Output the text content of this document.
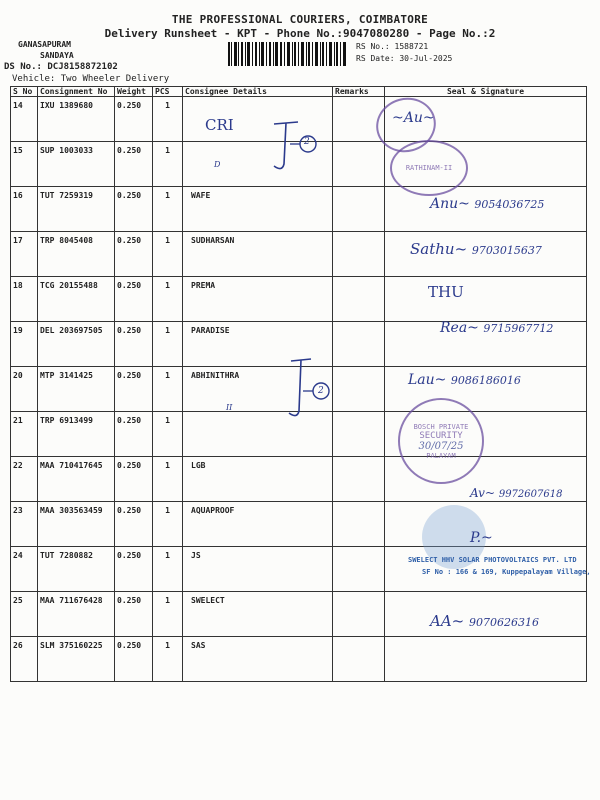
THE PROFESSIONAL COURIERS, COIMBATORE
Delivery Runsheet - KPT - Phone No.:9047080280 - Page No.:2
GANASAPURAM
SANDAYA
DS No.: DCJ8158872102
Vehicle: Two Wheeler Delivery
RS No.: 1588721
RS Date: 30-Jul-2025
S No	Consignment No	Weight	PCS	Consignee Details	Remarks	Seal & Signature
14	IXU 1389680	0.250	1			
15	SUP 1003033	0.250	1			
16	TUT 7259319	0.250	1	WAFE		
17	TRP 8045408	0.250	1	SUDHARSAN		
18	TCG 20155488	0.250	1	PREMA		
19	DEL 203697505	0.250	1	PARADISE		
20	MTP 3141425	0.250	1	ABHINITHRA		
21	TRP 6913499	0.250	1			
22	MAA 710417645	0.250	1	LGB		
23	MAA 303563459	0.250	1	AQUAPROOF		
24	TUT 7280882	0.250	1	JS		
25	MAA 711676428	0.250	1	SWELECT		
26	SLM 375160225	0.250	1	SAS		
CRI
2
D
2
II
Anu~ 9054036725
Sathu~ 9703015637
THU
Rea~ 9715967712
Lau~ 9086186016
Av~ 9972607618
AA~ 9070626316
~Au~
RATHINAM-II
BOSCH PRIVATE
SECURITY
30/07/25
PALAYAM
P.~
SWELECT HHV SOLAR PHOTOVOLTAICS PVT. LTD
SF No : 166 & 169, Kuppepalayam Village,
